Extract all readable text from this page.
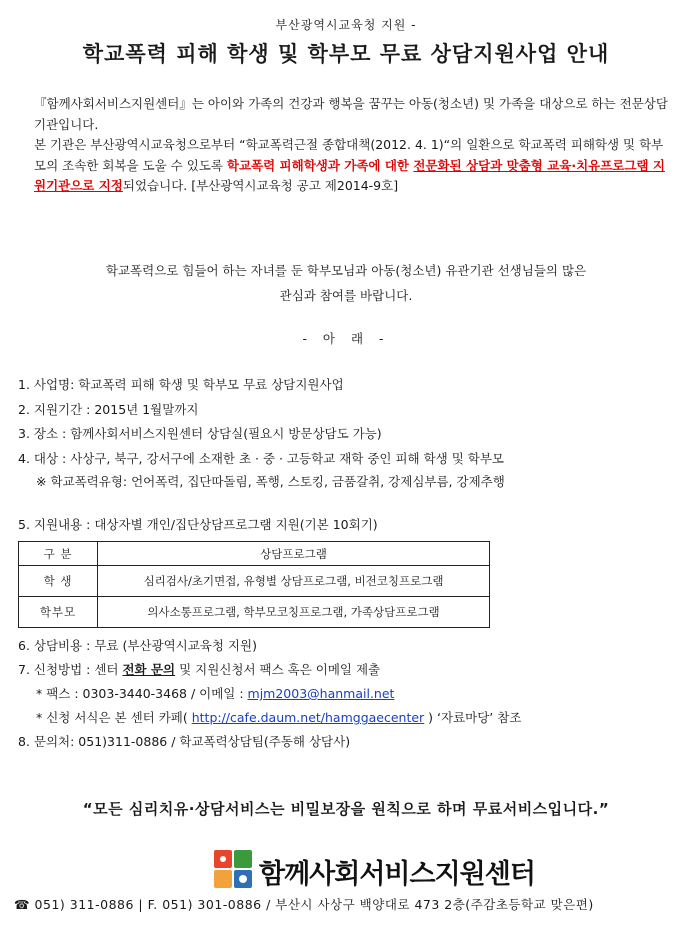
부산광역시교육청 지원 -
학교폭력 피해 학생 및 학부모 무료 상담지원사업 안내

『함께사회서비스지원센터』는 아이와 가족의 건강과 행복을 꿈꾸는 아동(청소년) 및 가족을 대상으로 하는 전문상담기관입니다.

본 기관은 부산광역시교육청으로부터 “학교폭력근절 종합대책(2012. 4. 1)“의 일환으로 학교폭력 피해학생 및 학부모의 조속한 회복을 도울 수 있도록 학교폭력 피해학생과 가족에 대한 전문화된 상담과 맞춤형 교육·치유프로그램 지원기관으로 지정되었습니다. [부산광역시교육청 공고 제2014-9호]

학교폭력으로 힘들어 하는 자녀를 둔 학부모님과 아동(청소년) 유관기관 선생님들의 많은
관심과 참여를 바랍니다.
- 아 래 -
1. 사업명: 학교폭력 피해 학생 및 학부모 무료 상담지원사업
2. 지원기간 : 2015년 1월말까지
3. 장소 : 함께사회서비스지원센터 상담실(필요시 방문상담도 가능)
4. 대상 : 사상구, 북구, 강서구에 소재한 초 · 중 · 고등학교 재학 중인 피해 학생 및 학부모
※ 학교폭력유형: 언어폭력, 집단따돌림, 폭행, 스토킹, 금품갈취, 강제심부름, 강제추행
5. 지원내용 : 대상자별 개인/집단상담프로그램 지원(기본 10회기)
6. 상담비용 : 무료 (부산광역시교육청 지원)
7. 신청방법 : 센터 전화 문의 및 지원신청서 팩스 혹은 이메일 제출
* 팩스 : 0303-3440-3468 / 이메일 : mjm2003@hanmail.net
* 신청 서식은 본 센터 카페( http://cafe.daum.net/hamggaecenter ) ‘자료마당’ 참조
8. 문의처: 051)311-0886 / 학교폭력상담팀(주동해 상담사)
구 분	상담프로그램
학 생	심리검사/초기면접, 유형별 상담프로그램, 비전코칭프로그램
학부모	의사소통프로그램, 학부모코칭프로그램, 가족상담프로그램
“모든 심리치유·상담서비스는 비밀보장을 원칙으로 하며 무료서비스입니다.”
함께사회서비스지원센터
☎ 051) 311-0886 | F. 051) 301-0886 / 부산시 사상구 백양대로 473 2층(주감초등학교 맞은편)
